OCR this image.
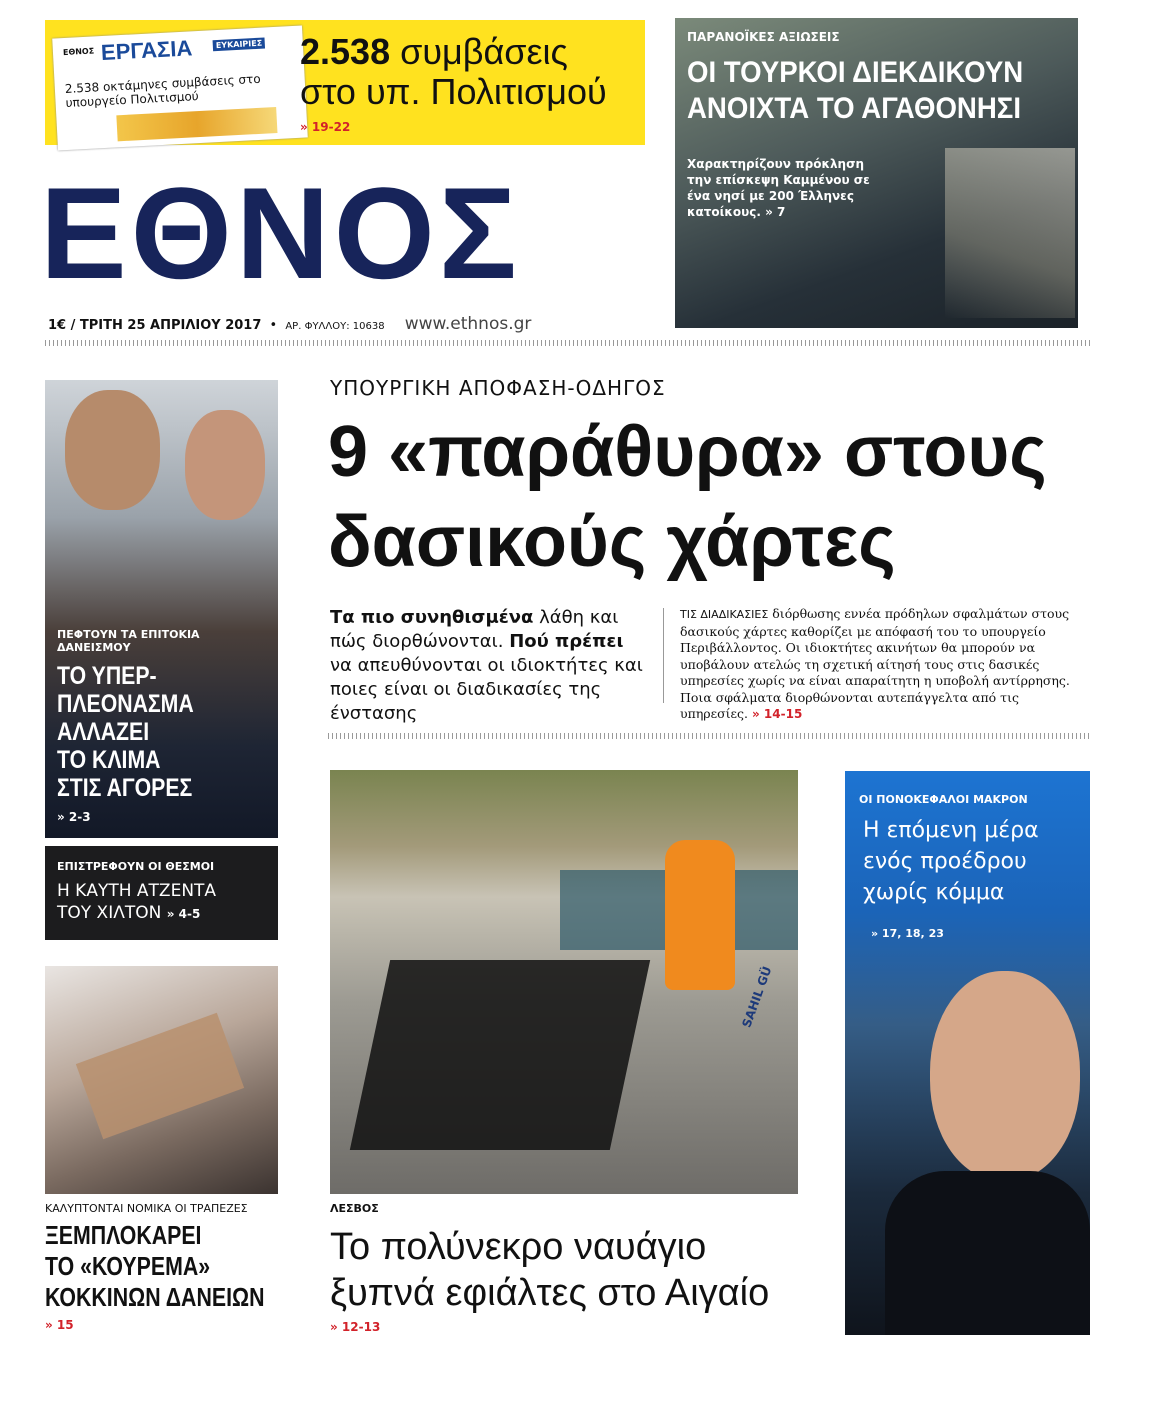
ΕΘΝΟΣ ΕΡΓΑΣΙΑ	ΕΥΚΑΙΡΙΕΣ
2.538 οκτάμηνες συμβάσεις στο υπουργείο Πολιτισμού
2.538 συμβάσεις
στο υπ. Πολιτισμού
» 19-22
ΕΘΝΟΣ
1€ / ΤΡΙΤΗ 25 ΑΠΡΙΛΙΟΥ 2017 • ΑΡ. ΦΥΛΛΟΥ: 10638 www.ethnos.gr
ΠΑΡΑΝΟΪΚΕΣ ΑΞΙΩΣΕΙΣ
ΟΙ ΤΟΥΡΚΟΙ ΔΙΕΚΔΙΚΟΥΝ
ΑΝΟΙΧΤΑ ΤΟ ΑΓΑΘΟΝΗΣΙ
Χαρακτηρίζουν πρόκληση την επίσκεψη Καμμένου σε ένα νησί με 200 Έλληνες κατοίκους. » 7
ΥΠΟΥΡΓΙΚΗ ΑΠΟΦΑΣΗ-ΟΔΗΓΟΣ
9 «παράθυρα» στους
δασικούς χάρτες
Τα πιο συνηθισμένα λάθη και πώς διορθώνονται. Πού πρέπει να απευθύνονται οι ιδιοκτήτες και ποιες είναι οι διαδικασίες της ένστασης
ΤΙΣ ΔΙΑΔΙΚΑΣΙΕΣ διόρθωσης εννέα πρόδηλων σφαλμάτων στους δασικούς χάρτες καθορίζει με απόφασή του το υπουργείο Περιβάλλοντος. Οι ιδιοκτήτες ακινήτων θα μπορούν να υποβάλουν ατελώς τη σχετική αίτησή τους στις δασικές υπηρεσίες χωρίς να είναι απαραίτητη η υποβολή αντίρρησης. Ποια σφάλματα διορθώνονται αυτεπάγγελτα από τις υπηρεσίες. » 14-15
ΠΕΦΤΟΥΝ ΤΑ ΕΠΙΤΟΚΙΑ ΔΑΝΕΙΣΜΟΥ
ΤΟ ΥΠΕΡ-
ΠΛΕΟΝΑΣΜΑ
ΑΛΛΑΖΕΙ
ΤΟ ΚΛΙΜΑ
ΣΤΙΣ ΑΓΟΡΕΣ
» 2-3
ΕΠΙΣΤΡΕΦΟΥΝ ΟΙ ΘΕΣΜΟΙ
Η ΚΑΥΤΗ ΑΤΖΕΝΤΑ
ΤΟΥ ΧΙΛΤΟΝ » 4-5
ΚΑΛΥΠΤΟΝΤΑΙ ΝΟΜΙΚΑ ΟΙ ΤΡΑΠΕΖΕΣ
ΞΕΜΠΛΟΚΑΡΕΙ
ΤΟ «ΚΟΥΡΕΜΑ»
ΚΟΚΚΙΝΩΝ ΔΑΝΕΙΩΝ
» 15
SAHIL GÜ
ΛΕΣΒΟΣ
Το πολύνεκρο ναυάγιο
ξυπνά εφιάλτες στο Αιγαίο
» 12-13
ΟΙ ΠΟΝΟΚΕΦΑΛΟΙ ΜΑΚΡΟΝ
Η επόμενη μέρα
ενός προέδρου
χωρίς κόμμα
» 17, 18, 23
